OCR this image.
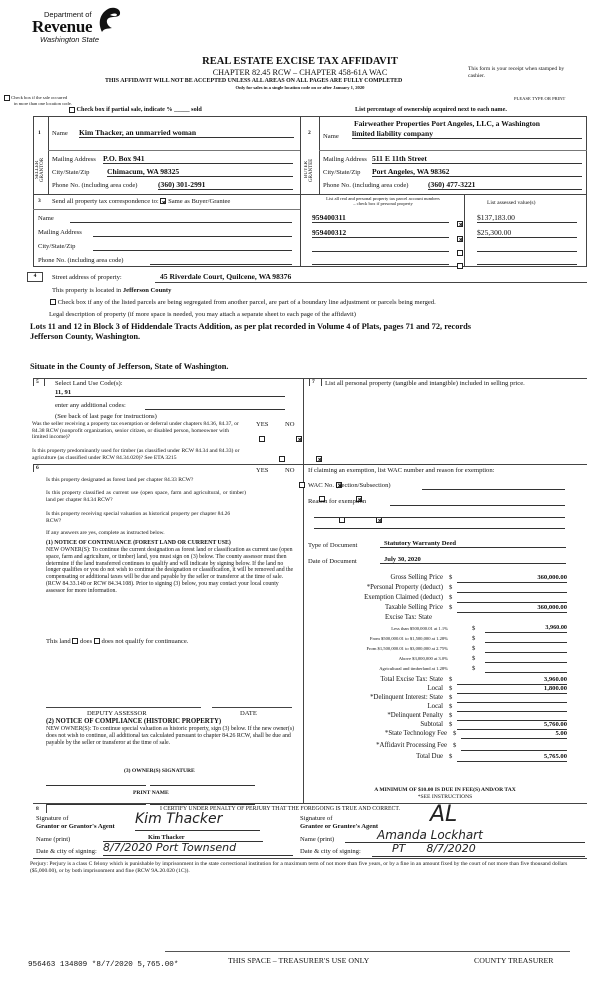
Department of
Revenue
Washington State
REAL ESTATE EXCISE TAX AFFIDAVIT
CHAPTER 82.45 RCW – CHAPTER 458-61A WAC
THIS AFFIDAVIT WILL NOT BE ACCEPTED UNLESS ALL AREAS ON ALL PAGES ARE FULLY COMPLETED
Only for sales in a single location code on or after January 1, 2020
This form is your receipt when stamped by cashier.
PLEASE TYPE OR PRINT
Check box if the sale occurred
in more than one location code.
Check box if partial sale, indicate % _____ sold	List percentage of ownership acquired next to each name.
1
SELLER GRANTOR
Name Kim Thacker, an unmarried woman
Mailing Address P.O. Box 941
City/State/Zip Chimacum, WA 98325
Phone No. (including area code)	(360) 301-2991
2
BUYER GRANTEE
Name
Fairweather Properties Port Angeles, LLC, a Washington
limited liability company
Mailing Address 511 E 11th Street
City/State/Zip Port Angeles, WA 98362
Phone No. (including area code)	(360) 477-3221
3 Send all property tax correspondence to: Same as Buyer/Grantee
Name
Mailing Address
City/State/Zip
Phone No. (including area code)
List all real and personal property tax parcel account numbers
– check box if personal property	List assessed value(s)
959400311	$137,183.00
959400312	$25,300.00
4	Street address of property:	45 Riverdale Court, Quilcene, WA 98376
This property is located in Jefferson County
Check box if any of the listed parcels are being segregated from another parcel, are part of a boundary line adjustment or parcels being merged.
Legal description of property (if more space is needed, you may attach a separate sheet to each page of the affidavit)
Lots 11 and 12 in Block 3 of Hiddendale Tracts Addition, as per plat recorded in Volume 4 of Plats, pages 71 and 72, records
Jefferson County, Washington.
Situate in the County of Jefferson, State of Washington.
5 Select Land Use Code(s):
11, 91
enter any additional codes:
(See back of last page for instructions)
YES	NO
Was the seller receiving a property tax exemption or deferral under chapters 84.36, 84.37, or 84.38 RCW (nonprofit organization, senior citizen, or disabled person, homeowner with limited income)?

Is this property predominantly used for timber (as classified under RCW 84.34 and 84.33) or agriculture (as classified under RCW 84.34.020)? See ETA 3215

6	YES	NO
Is this property designated as forest land per chapter 84.33 RCW?

Is this property classified as current use (open space, farm and agricultural, or timber) land per chapter 84.34 RCW?

Is this property receiving special valuation as historical property per chapter 84.26 RCW?

If any answers are yes, complete as instructed below.
(1) NOTICE OF CONTINUANCE (FOREST LAND OR CURRENT USE)
NEW OWNER(S): To continue the current designation as forest land or classification as current use (open space, farm and agriculture, or timber) land, you must sign on (3) below. The county assessor must then determine if the land transferred continues to qualify and will indicate by signing below. If the land no longer qualifies or you do not wish to continue the designation or classification, it will be removed and the compensating or additional taxes will be due and payable by the seller or transferor at the time of sale. (RCW 84.33.140 or RCW 84.34.108). Prior to signing (3) below, you may contact your local county assessor for more information.
This land does does not qualify for continuance.
DEPUTY ASSESSOR	DATE
(2) NOTICE OF COMPLIANCE (HISTORIC PROPERTY)
NEW OWNER(S): To continue special valuation as historic property, sign (3) below. If the new owner(s) does not wish to continue, all additional tax calculated pursuant to chapter 84.26 RCW, shall be due and payable by the seller or transferor at the time of sale.
(3) OWNER(S) SIGNATURE
PRINT NAME
7 List all personal property (tangible and intangible) included in selling price.
If claiming an exemption, list WAC number and reason for exemption:
WAC No. (Section/Subsection)
Reason for exemption
Type of Document	Statutory Warranty Deed
Date of Document	July 30, 2020
Gross Selling Price $	360,000.00
*Personal Property (deduct) $
Exemption Claimed (deduct) $
Taxable Selling Price $	360,000.00
Excise Tax: State
Less than $500,000.01 at 1.1%	$	3,960.00
From $500,000.01 to $1,500,000 at 1.28%	$
From $1,500,000.01 to $3,000,000 at 2.75%	$
Above $3,000,000 at 3.0%	$
Agricultural and timberland at 1.28%	$
Total Excise Tax: State $	3,960.00
Local $	1,800.00
*Delinquent Interest: State $
Local $
*Delinquent Penalty $
Subtotal $	5,760.00
*State Technology Fee $	5.00
*Affidavit Processing Fee $
Total Due $	5,765.00
A MINIMUM OF $10.00 IS DUE IN FEE(S) AND/OR TAX
*SEE INSTRUCTIONS
8	I CERTIFY UNDER PENALTY OF PERJURY THAT THE FOREGOING IS TRUE AND CORRECT.
Signature of
Grantor or Grantor's Agent Kim Thacker
Name (print)	Kim Thacker
Date & city of signing: 8/7/2020 Port Townsend
Signature of
Grantee or Grantee's Agent AL
Name (print)	Amanda Lockhart
Date & city of signing:	PT      8/7/2020
Perjury: Perjury is a class C felony which is punishable by imprisonment in the state correctional institution for a maximum term of not more than five years, or by a fine in an amount fixed by the court of not more than five thousand dollars ($5,000.00), or by both imprisonment and fine (RCW 9A.20.020 (1C)).
956463 134809 *8/7/2020 5,765.00*	THIS SPACE – TREASURER'S USE ONLY	COUNTY TREASURER
